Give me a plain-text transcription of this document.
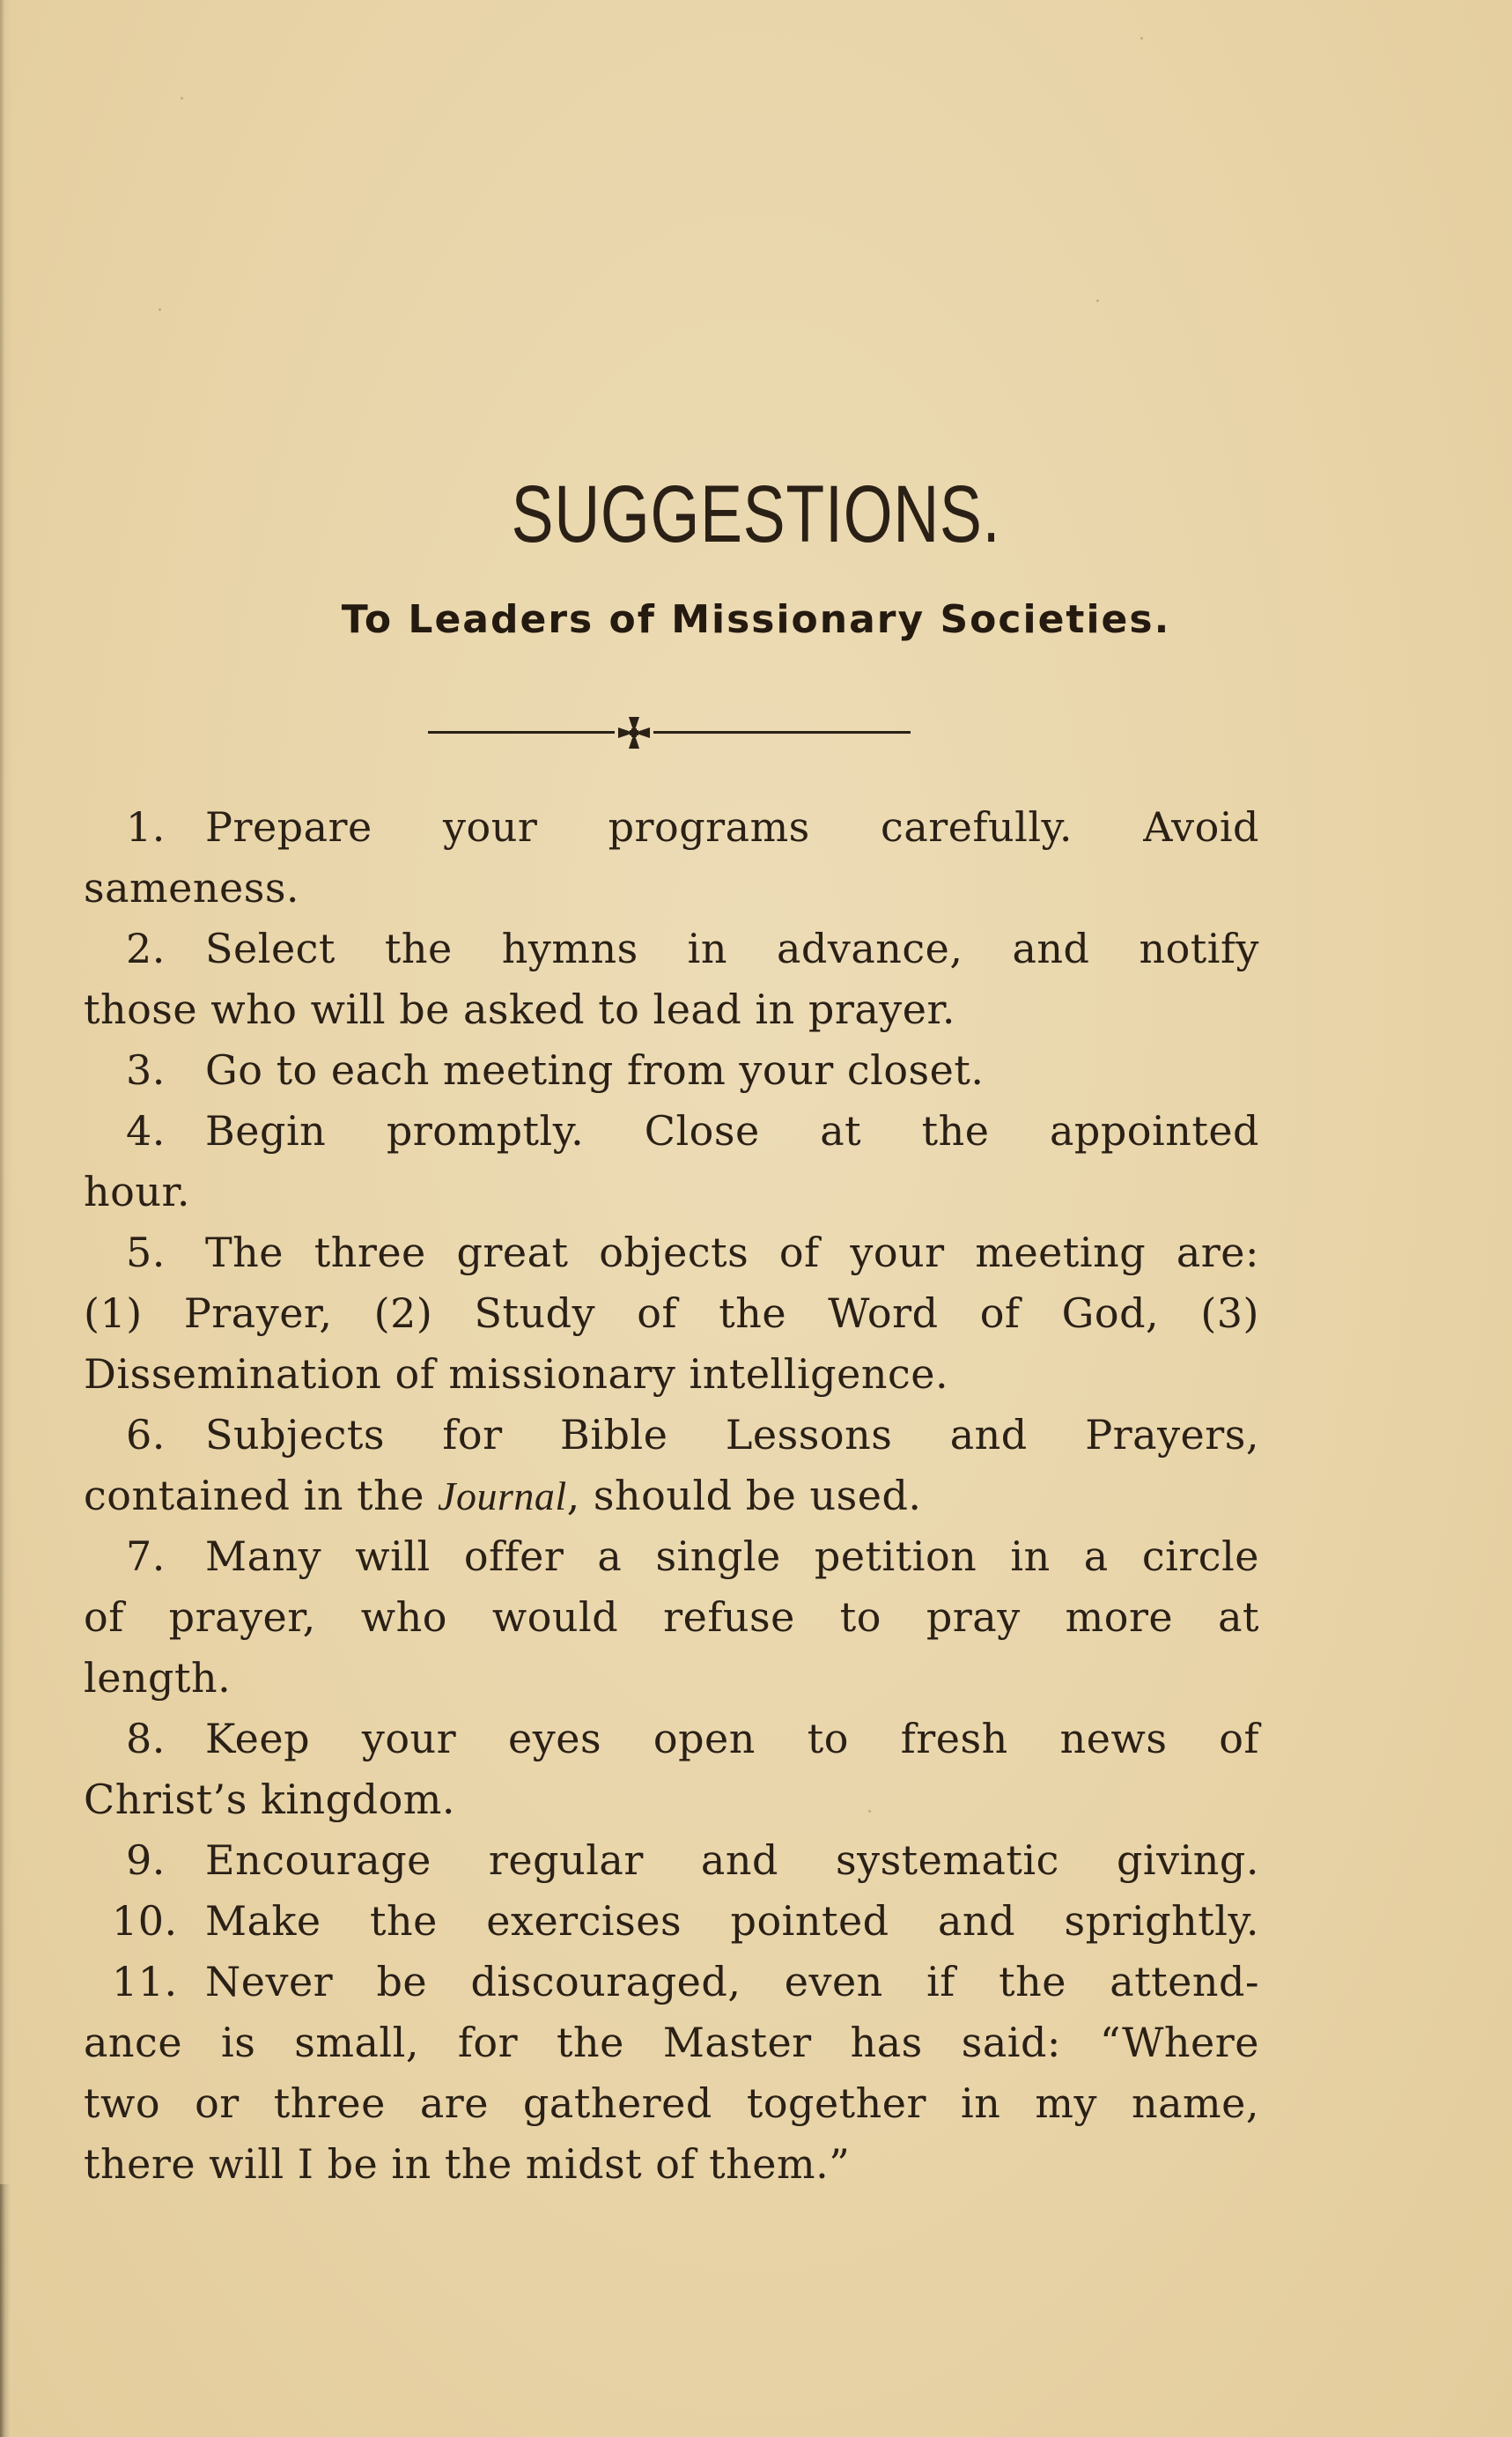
SUGGESTIONS.
To Leaders of Missionary Societies.

1. Prepare your programs carefully. Avoid
sameness.

2. Select the hymns in advance, and notify
those who will be asked to lead in prayer.

3. Go to each meeting from your closet.

4. Begin promptly. Close at the appointed
hour.

5. The three great objects of your meeting are:
(1) Prayer, (2) Study of the Word of God, (3)
Dissemination of missionary intelligence.

6. Subjects for Bible Lessons and Prayers,
contained in the Journal, should be used.

7. Many will offer a single petition in a circle
of prayer, who would refuse to pray more at
length.

8. Keep your eyes open to fresh news of
Christ’s kingdom.

9. Encourage regular and systematic giving.

10. Make the exercises pointed and sprightly.

11. Never be discouraged, even if the attend-
ance is small, for the Master has said: “Where
two or three are gathered together in my name,
there will I be in the midst of them.”
